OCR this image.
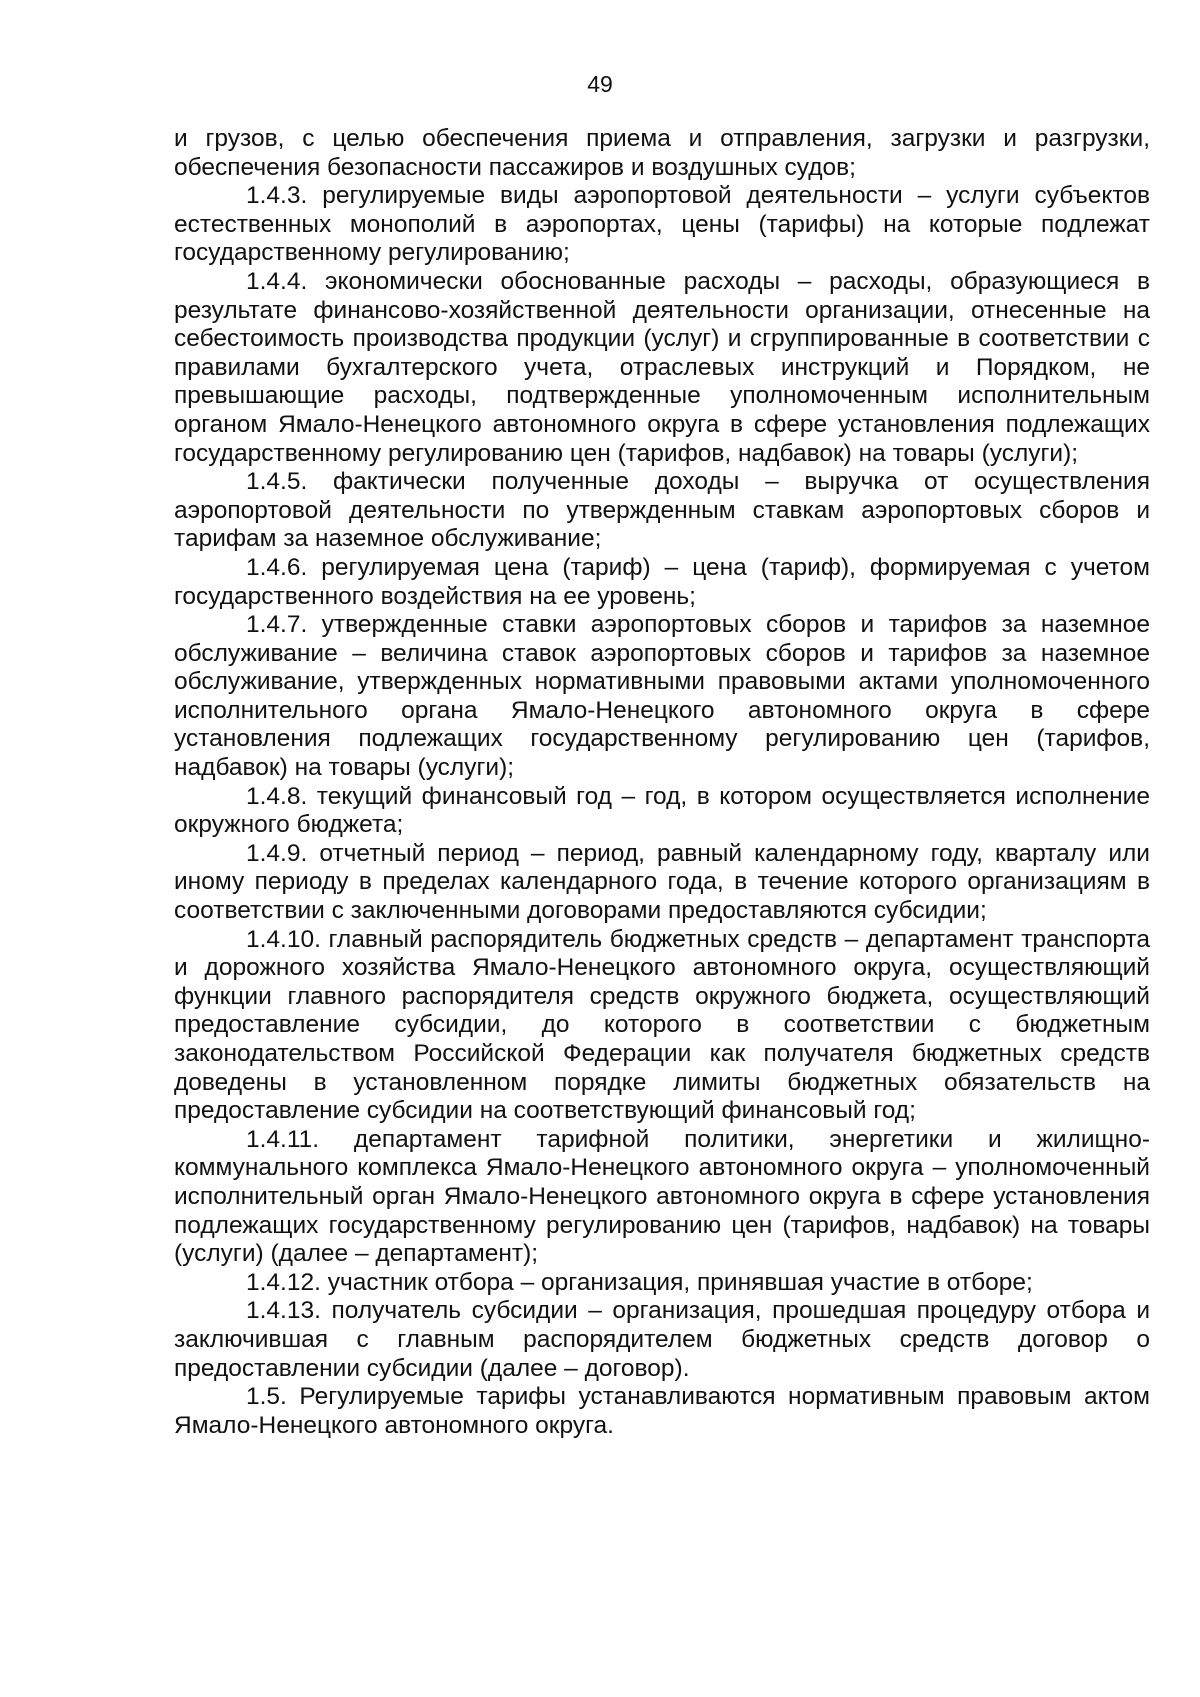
49

и грузов, с целью обеспечения приема и отправления, загрузки и разгрузки, обеспечения безопасности пассажиров и воздушных судов;

1.4.3. регулируемые виды аэропортовой деятельности – услуги субъектов естественных монополий в аэропортах, цены (тарифы) на которые подлежат государственному регулированию;

1.4.4. экономически обоснованные расходы – расходы, образующиеся в результате финансово-хозяйственной деятельности организации, отнесенные на себестоимость производства продукции (услуг) и сгруппированные в соответствии с правилами бухгалтерского учета, отраслевых инструкций и Порядком, не превышающие расходы, подтвержденные уполномоченным исполнительным органом Ямало-Ненецкого автономного округа в сфере установления подлежащих государственному регулированию цен (тарифов, надбавок) на товары (услуги);

1.4.5. фактически полученные доходы – выручка от осуществления аэропортовой деятельности по утвержденным ставкам аэропортовых сборов и тарифам за наземное обслуживание;

1.4.6. регулируемая цена (тариф) – цена (тариф), формируемая с учетом государственного воздействия на ее уровень;

1.4.7. утвержденные ставки аэропортовых сборов и тарифов за наземное обслуживание – величина ставок аэропортовых сборов и тарифов за наземное обслуживание, утвержденных нормативными правовыми актами уполномоченного исполнительного органа Ямало-Ненецкого автономного округа в сфере установления подлежащих государственному регулированию цен (тарифов, надбавок) на товары (услуги);

1.4.8. текущий финансовый год – год, в котором осуществляется исполнение окружного бюджета;

1.4.9. отчетный период – период, равный календарному году, кварталу или иному периоду в пределах календарного года, в течение которого организациям в соответствии с заключенными договорами предоставляются субсидии;

1.4.10. главный распорядитель бюджетных средств – департамент транспорта и дорожного хозяйства Ямало-Ненецкого автономного округа, осуществляющий функции главного распорядителя средств окружного бюджета, осуществляющий предоставление субсидии, до которого в соответствии с бюджетным законодательством Российской Федерации как получателя бюджетных средств доведены в установленном порядке лимиты бюджетных обязательств на предоставление субсидии на соответствующий финансовый год;

1.4.11. департамент тарифной политики, энергетики и жилищно-коммунального комплекса Ямало-Ненецкого автономного округа – уполномоченный исполнительный орган Ямало-Ненецкого автономного округа в сфере установления подлежащих государственному регулированию цен (тарифов, надбавок) на товары (услуги) (далее – департамент);

1.4.12. участник отбора – организация, принявшая участие в отборе;

1.4.13. получатель субсидии – организация, прошедшая процедуру отбора и заключившая с главным распорядителем бюджетных средств договор о предоставлении субсидии (далее – договор).

1.5. Регулируемые тарифы устанавливаются нормативным правовым актом Ямало-Ненецкого автономного округа.
